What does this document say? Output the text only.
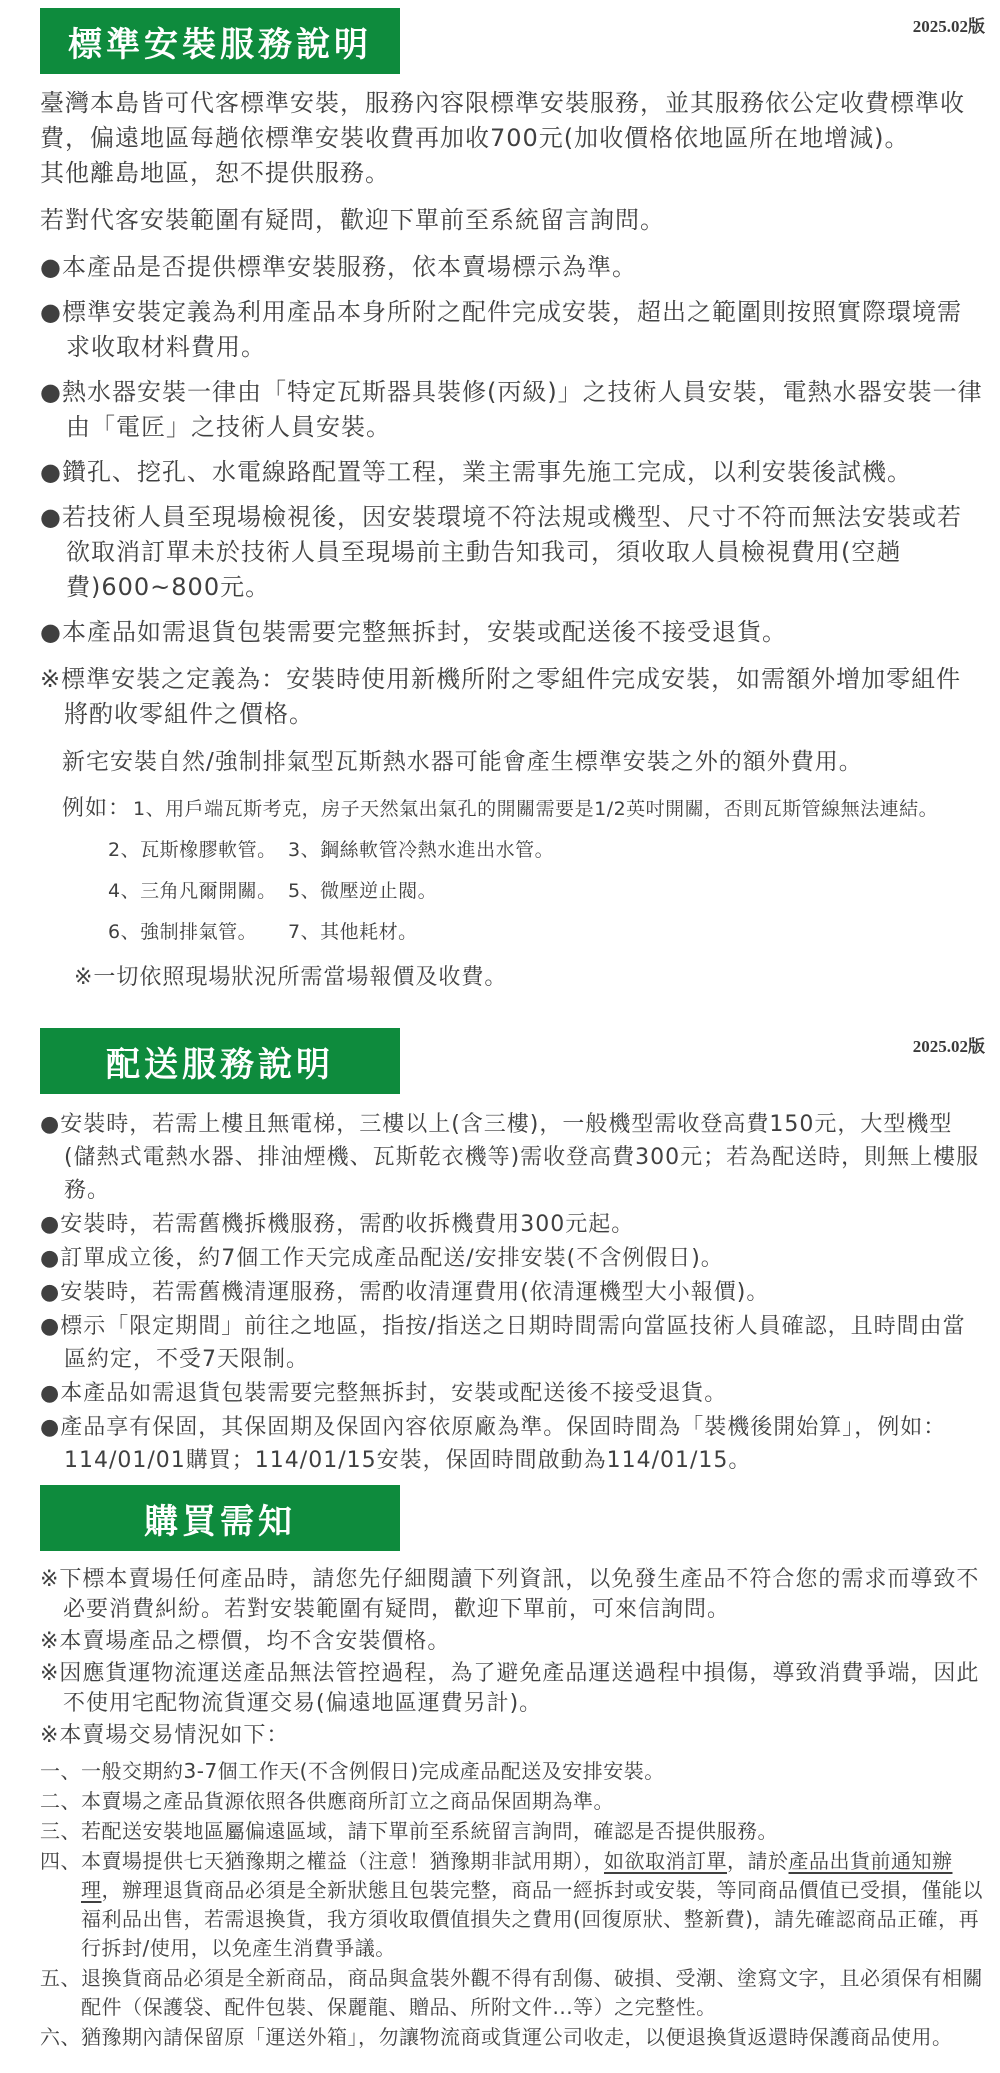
標準安裝服務說明	2025.02版

臺灣本島皆可代客標準安裝，服務內容限標準安裝服務，並其服務依公定收費標準收費，偏遠地區每趟依標準安裝收費再加收700元(加收價格依地區所在地增減)。

其他離島地區，恕不提供服務。

若對代客安裝範圍有疑問，歡迎下單前至系統留言詢問。

●本產品是否提供標準安裝服務，依本賣場標示為準。

●標準安裝定義為利用產品本身所附之配件完成安裝，超出之範圍則按照實際環境需求收取材料費用。

●熱水器安裝一律由「特定瓦斯器具裝修(丙級)」之技術人員安裝，電熱水器安裝一律由「電匠」之技術人員安裝。

●鑽孔、挖孔、水電線路配置等工程，業主需事先施工完成，以利安裝後試機。

●若技術人員至現場檢視後，因安裝環境不符法規或機型、尺寸不符而無法安裝或若欲取消訂單未於技術人員至現場前主動告知我司，須收取人員檢視費用(空趟費)600~800元。

●本產品如需退貨包裝需要完整無拆封，安裝或配送後不接受退貨。

※標準安裝之定義為：安裝時使用新機所附之零組件完成安裝，如需額外增加零組件將酌收零組件之價格。

新宅安裝自然/強制排氣型瓦斯熱水器可能會產生標準安裝之外的額外費用。

例如： 1、用戶端瓦斯考克，房子天然氣出氣孔的開關需要是1/2英吋開關，否則瓦斯管線無法連結。
2、瓦斯橡膠軟管。 3、鋼絲軟管冷熱水進出水管。
4、三角凡爾開關。 5、微壓逆止閥。
6、強制排氣管。	7、其他耗材。

※一切依照現場狀況所需當場報價及收費。

配送服務說明	2025.02版

●安裝時，若需上樓且無電梯，三樓以上(含三樓)，一般機型需收登高費150元，大型機型 (儲熱式電熱水器、排油煙機、瓦斯乾衣機等)需收登高費300元；若為配送時，則無上樓服務。

●安裝時，若需舊機拆機服務，需酌收拆機費用300元起。

●訂單成立後，約7個工作天完成產品配送/安排安裝(不含例假日)。

●安裝時，若需舊機清運服務，需酌收清運費用(依清運機型大小報價)。

●標示「限定期間」前往之地區，指按/指送之日期時間需向當區技術人員確認，且時間由當區約定，不受7天限制。

●本產品如需退貨包裝需要完整無拆封，安裝或配送後不接受退貨。

●產品享有保固，其保固期及保固內容依原廠為準。保固時間為「裝機後開始算」，例如：114/01/01購買；114/01/15安裝，保固時間啟動為114/01/15。

購買需知

※下標本賣場任何產品時，請您先仔細閱讀下列資訊，以免發生產品不符合您的需求而導致不必要消費糾紛。若對安裝範圍有疑問，歡迎下單前，可來信詢問。

※本賣場產品之標價，均不含安裝價格。

※因應貨運物流運送產品無法管控過程，為了避免產品運送過程中損傷，導致消費爭端，因此不使用宅配物流貨運交易(偏遠地區運費另計)。

※本賣場交易情況如下：

一、一般交期約3-7個工作天(不含例假日)完成產品配送及安排安裝。

二、本賣場之產品貨源依照各供應商所訂立之商品保固期為準。

三、若配送安裝地區屬偏遠區域，請下單前至系統留言詢問，確認是否提供服務。

四、本賣場提供七天猶豫期之權益（注意！猶豫期非試用期），如欲取消訂單，請於產品出貨前通知辦理，辦理退貨商品必須是全新狀態且包裝完整，商品一經拆封或安裝，等同商品價值已受損，僅能以福利品出售，若需退換貨，我方須收取價值損失之費用(回復原狀、整新費)，請先確認商品正確，再行拆封/使用，以免產生消費爭議。

五、退換貨商品必須是全新商品，商品與盒裝外觀不得有刮傷、破損、受潮、塗寫文字，且必須保有相關配件（保護袋、配件包裝、保麗龍、贈品、所附文件...等）之完整性。

六、猶豫期內請保留原「運送外箱」，勿讓物流商或貨運公司收走，以便退換貨返還時保護商品使用。
